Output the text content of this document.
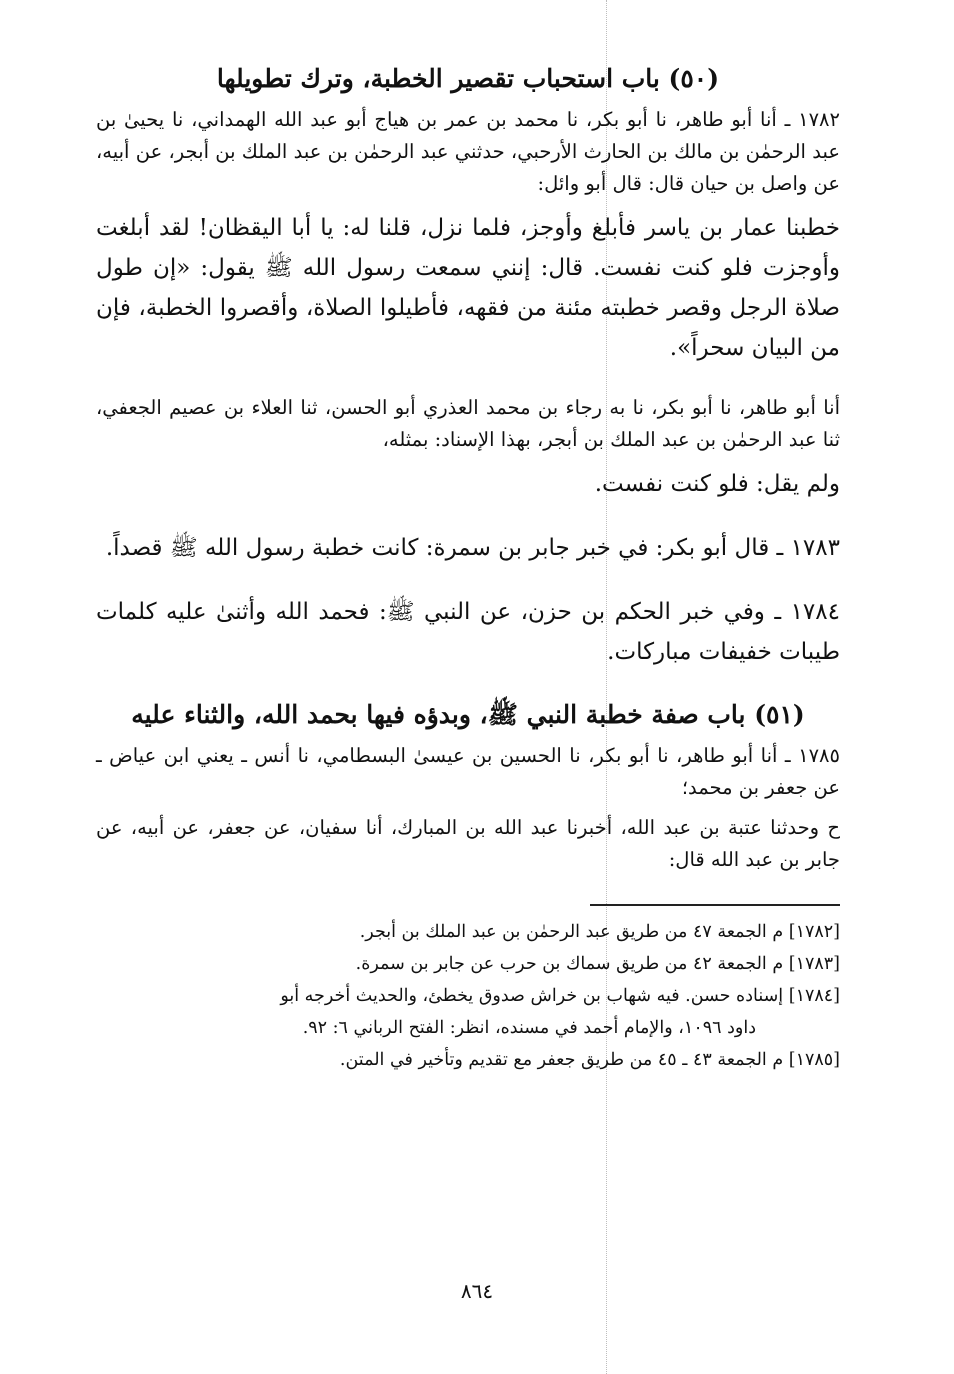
(٥٠) باب استحباب تقصير الخطبة، وترك تطويلها

١٧٨٢ ـ أنا أبو طاهر، نا أبو بكر، نا محمد بن عمر بن هياج أبو عبد الله الهمداني، نا يحيىٰ بن عبد الرحمٰن بن مالك بن الحارث الأرحبي، حدثني عبد الرحمٰن بن عبد الملك بن أبجر، عن أبيه، عن واصل بن حيان قال: قال أبو وائل:

خطبنا عمار بن ياسر فأبلغ وأوجز، فلما نزل، قلنا له: يا أبا اليقظان! لقد أبلغت وأوجزت فلو كنت نفست. قال: إنني سمعت رسول الله ﷺ يقول: «إن طول صلاة الرجل وقصر خطبته مئنة من فقهه، فأطيلوا الصلاة، وأقصروا الخطبة، فإن من البيان سحراً».

أنا أبو طاهر، نا أبو بكر، نا به رجاء بن محمد العذري أبو الحسن، ثنا العلاء بن عصيم الجعفي، ثنا عبد الرحمٰن بن عبد الملك بن أبجر، بهذا الإسناد: بمثله،

ولم يقل: فلو كنت نفست.

١٧٨٣ ـ قال أبو بكر: في خبر جابر بن سمرة: كانت خطبة رسول الله ﷺ قصداً.

١٧٨٤ ـ وفي خبر الحكم بن حزن، عن النبي ﷺ: فحمد الله وأثنىٰ عليه كلمات طيبات خفيفات مباركات.

(٥١) باب صفة خطبة النبي ﷺ، وبدؤه فيها بحمد الله، والثناء عليه

١٧٨٥ ـ أنا أبو طاهر، نا أبو بكر، نا الحسين بن عيسىٰ البسطامي، نا أنس ـ يعني ابن عياض ـ عن جعفر بن محمد؛

ح وحدثنا عتبة بن عبد الله، أخبرنا عبد الله بن المبارك، أنا سفيان، عن جعفر، عن أبيه، عن جابر بن عبد الله قال:

[١٧٨٢] م الجمعة ٤٧ من طريق عبد الرحمٰن بن عبد الملك بن أبجر.
[١٧٨٣] م الجمعة ٤٢ من طريق سماك بن حرب عن جابر بن سمرة.
[١٧٨٤] إسناده حسن. فيه شهاب بن خراش صدوق يخطئ، والحديث أخرجه أبو
داود ١٠٩٦، والإمام أحمد في مسنده، انظر: الفتح الرباني ٦: ٩٢.
[١٧٨٥] م الجمعة ٤٣ ـ ٤٥ من طريق جعفر مع تقديم وتأخير في المتن.
٨٦٤
